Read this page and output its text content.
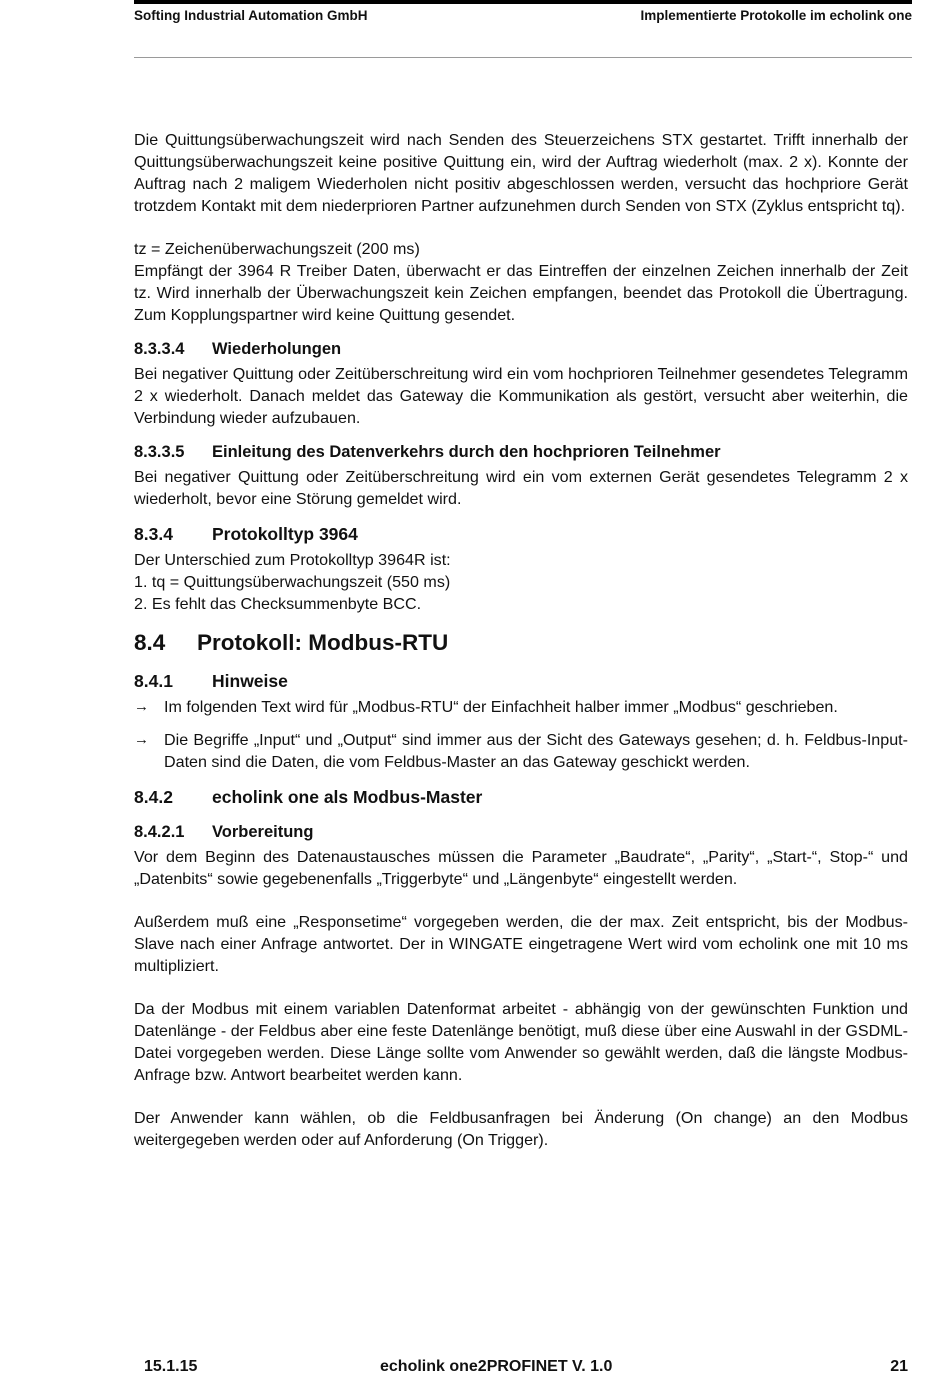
Softing Industrial Automation GmbH	Implementierte Protokolle im echolink one

Die Quittungsüberwachungszeit wird nach Senden des Steuerzeichens STX gestartet. Trifft innerhalb der Quittungsüberwachungszeit keine positive Quittung ein, wird der Auftrag wiederholt (max. 2 x). Konnte der Auftrag nach 2 maligem Wiederholen nicht positiv abgeschlossen werden, versucht das hochpriore Gerät trotzdem Kontakt mit dem niederprioren Partner aufzunehmen durch Senden von STX (Zyklus entspricht tq).

tz = Zeichenüberwachungszeit (200 ms)

Empfängt der 3964 R Treiber Daten, überwacht er das Eintreffen der einzelnen Zeichen innerhalb der Zeit tz. Wird innerhalb der Überwachungszeit kein Zeichen empfangen, beendet das Protokoll die Übertragung. Zum Kopplungspartner wird keine Quittung gesendet.

8.3.3.4	Wiederholungen

Bei negativer Quittung oder Zeitüberschreitung wird ein vom hochprioren Teilnehmer gesendetes Telegramm 2 x wiederholt. Danach meldet das Gateway die Kommunikation als gestört, versucht aber weiterhin, die Verbindung wieder aufzubauen.

8.3.3.5	Einleitung des Datenverkehrs durch den hochprioren Teilnehmer

Bei negativer Quittung oder Zeitüberschreitung wird ein vom externen Gerät gesendetes Telegramm 2 x wiederholt, bevor eine Störung gemeldet wird.

8.3.4	Protokolltyp 3964

Der Unterschied zum Protokolltyp 3964R ist:

1. tq = Quittungsüberwachungszeit (550 ms)

2. Es fehlt das Checksummenbyte BCC.

8.4	Protokoll: Modbus-RTU
8.4.1	Hinweise
→ Im folgenden Text wird für „Modbus-RTU“ der Einfachheit halber immer „Modbus“ geschrieben.

→ Die Begriffe „Input“ und „Output“ sind immer aus der Sicht des Gateways gesehen; d. h. Feldbus-Input-Daten sind die Daten, die vom Feldbus-Master an das Gateway geschickt werden.

8.4.2	echolink one als Modbus-Master
8.4.2.1	Vorbereitung

Vor dem Beginn des Datenaustausches müssen die Parameter „Baudrate“, „Parity“, „Start-“, Stop-“ und „Datenbits“ sowie gegebenenfalls „Triggerbyte“ und „Längenbyte“ eingestellt werden.

Außerdem muß eine „Responsetime“ vorgegeben werden, die der max. Zeit entspricht, bis der Modbus-Slave nach einer Anfrage antwortet. Der in WINGATE eingetragene Wert wird vom echolink one mit 10 ms multipliziert.

Da der Modbus mit einem variablen Datenformat arbeitet - abhängig von der gewünschten Funktion und Datenlänge - der Feldbus aber eine feste Datenlänge benötigt, muß diese über eine Auswahl in der GSDML-Datei vorgegeben werden. Diese Länge sollte vom Anwender so gewählt werden, daß die längste Modbus-Anfrage bzw. Antwort bearbeitet werden kann.

Der Anwender kann wählen, ob die Feldbusanfragen bei Änderung (On change) an den Modbus weitergegeben werden oder auf Anforderung (On Trigger).

15.1.15	echolink one2PROFINET V. 1.0	21
